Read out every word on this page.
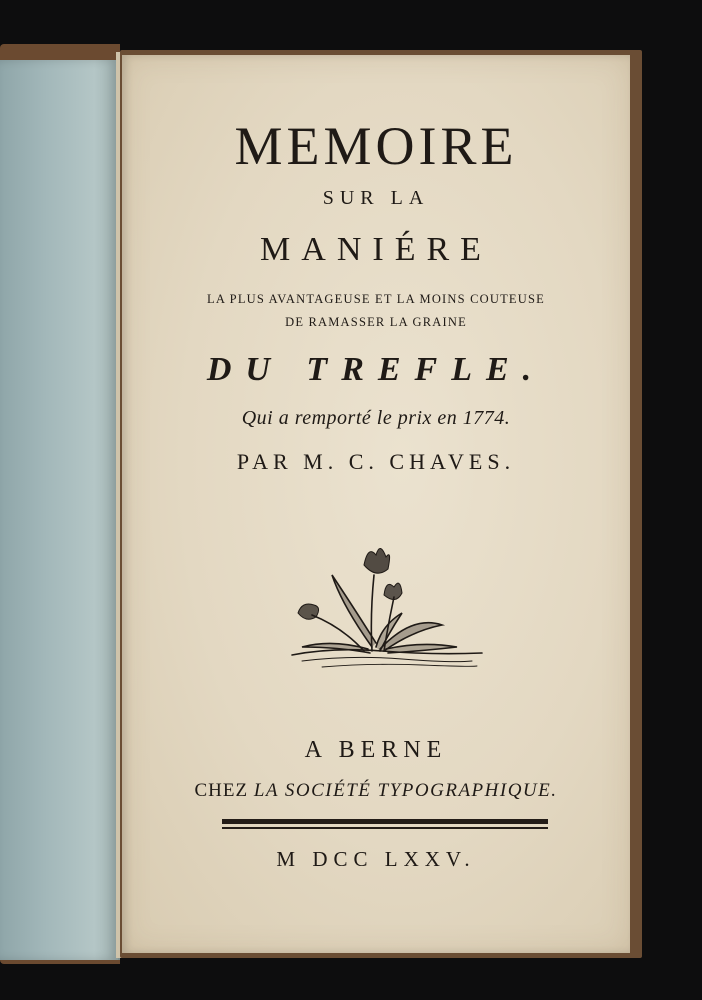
MEMOIRE
SUR LA
MANIÉRE
LA PLUS AVANTAGEUSE ET LA MOINS COUTEUSE
DE RAMASSER LA GRAINE
DU TREFLE.
Qui a remporté le prix en 1774.
PAR M. C. CHAVES.
A BERNE
CHEZ LA SOCIÉTÉ TYPOGRAPHIQUE.
M DCC LXXV.
